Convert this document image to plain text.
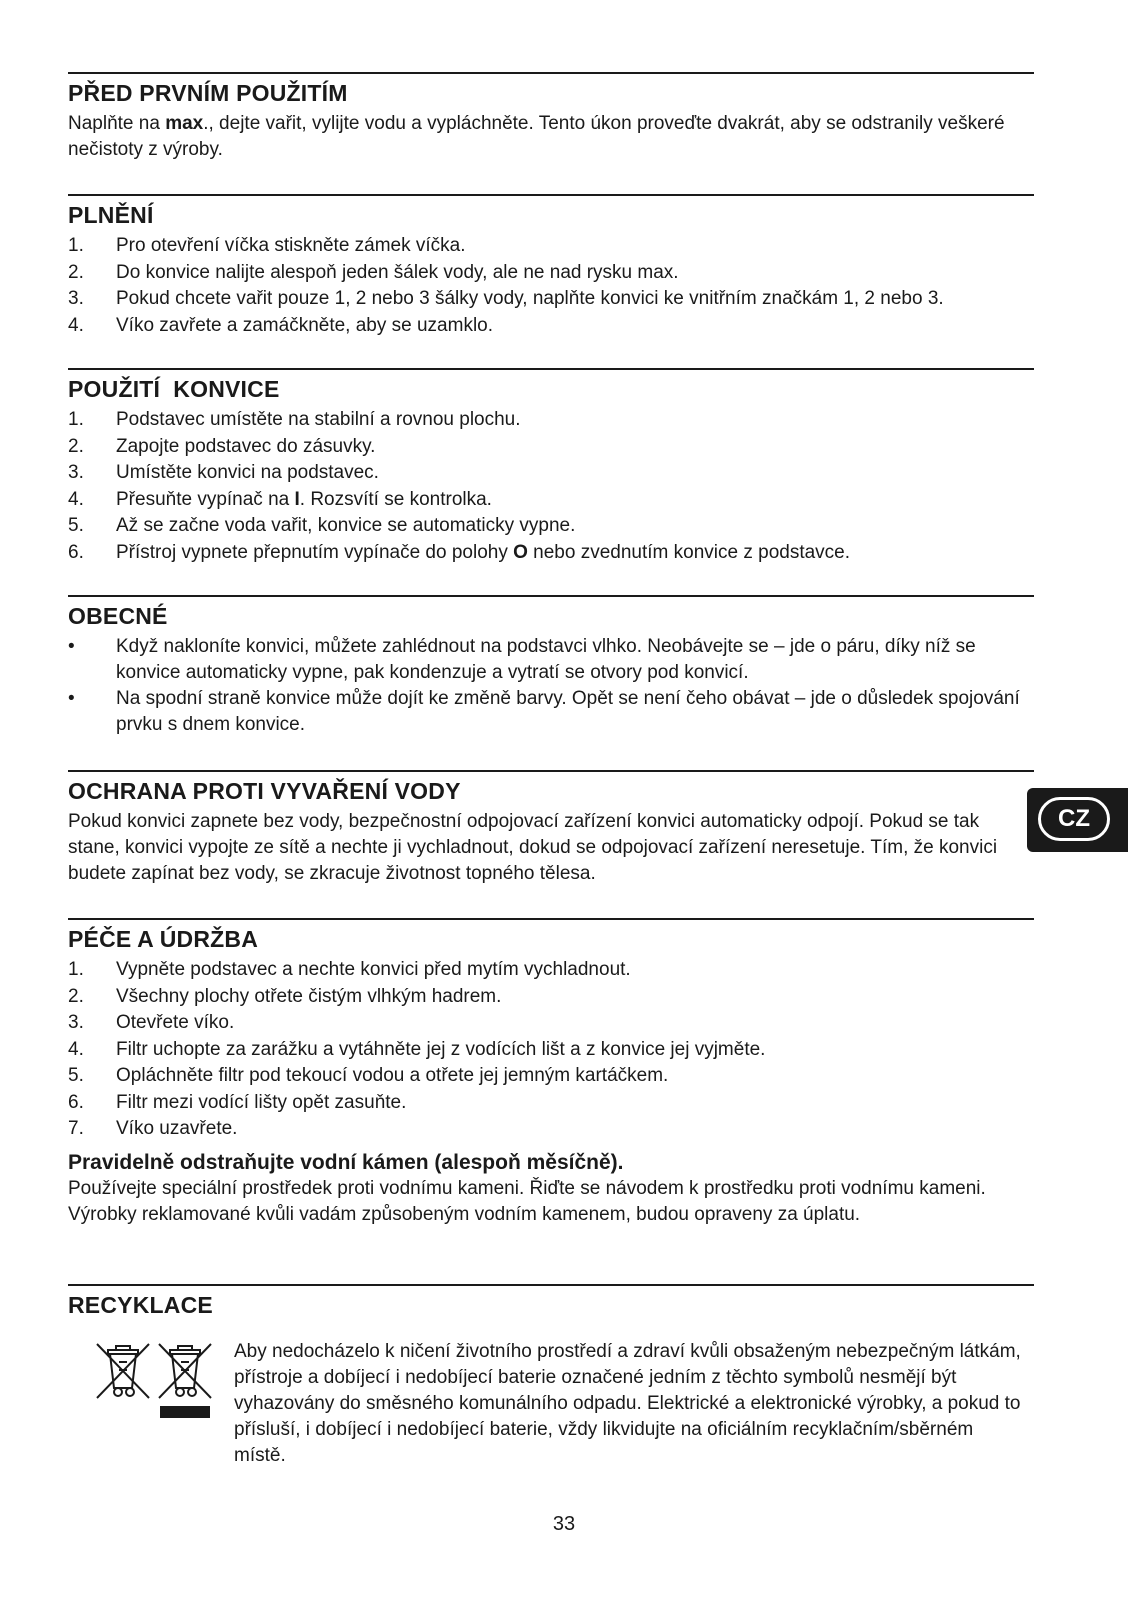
PŘED PRVNÍM POUŽITÍM

Naplňte na max., dejte vařit, vylijte vodu a vypláchněte. Tento úkon proveďte dvakrát, aby se odstranily veškeré nečistoty z výroby.

PLNĚNÍ
1. Pro otevření víčka stiskněte zámek víčka.
2. Do konvice nalijte alespoň jeden šálek vody, ale ne nad rysku max.
3. Pokud chcete vařit pouze 1, 2 nebo 3 šálky vody, naplňte konvici ke vnitřním značkám 1, 2 nebo 3.
4. Víko zavřete a zamáčkněte, aby se uzamklo.
POUŽITÍ  KONVICE
1. Podstavec umístěte na stabilní a rovnou plochu.
2. Zapojte podstavec do zásuvky.
3. Umístěte konvici na podstavec.
4. Přesuňte vypínač na I. Rozsvítí se kontrolka.
5. Až se začne voda vařit, konvice se automaticky vypne.
6. Přístroj vypnete přepnutím vypínače do polohy O nebo zvednutím konvice z podstavce.
OBECNÉ
• Když nakloníte konvici, můžete zahlédnout na podstavci vlhko. Neobávejte se – jde o páru, díky níž se konvice automaticky vypne, pak kondenzuje a vytratí se otvory pod konvicí.
• Na spodní straně konvice může dojít ke změně barvy. Opět se není čeho obávat – jde o důsledek spojování prvku s dnem konvice.
OCHRANA PROTI VYVAŘENÍ VODY

Pokud konvici zapnete bez vody, bezpečnostní odpojovací zařízení konvici automaticky odpojí. Pokud se tak stane, konvici vypojte ze sítě a nechte ji vychladnout, dokud se odpojovací zařízení neresetuje. Tím, že konvici budete zapínat bez vody, se zkracuje životnost topného tělesa.

PÉČE A ÚDRŽBA
1. Vypněte podstavec a nechte konvici před mytím vychladnout.
2. Všechny plochy otřete čistým vlhkým hadrem.
3. Otevřete víko.
4. Filtr uchopte za zarážku a vytáhněte jej z vodících lišt a z konvice jej vyjměte.
5. Opláchněte filtr pod tekoucí vodou a otřete jej jemným kartáčkem.
6. Filtr mezi vodící lišty opět zasuňte.
7. Víko uzavřete.

Pravidelně odstraňujte vodní kámen (alespoň měsíčně).

Používejte speciální prostředek proti vodnímu kameni. Řiďte se návodem k prostředku proti vodnímu kameni.

Výrobky reklamované kvůli vadám způsobeným vodním kamenem, budou opraveny za úplatu.

RECYKLACE

Aby nedocházelo k ničení životního prostředí a zdraví kvůli obsaženým nebezpečným látkám, přístroje a dobíjecí i nedobíjecí baterie označené jedním z těchto symbolů nesmějí být vyhazovány do směsného komunálního odpadu. Elektrické a elektronické výrobky, a pokud to přísluší, i dobíjecí i nedobíjecí baterie, vždy likvidujte na oficiálním recyklačním/sběrném místě.

CZ
33
